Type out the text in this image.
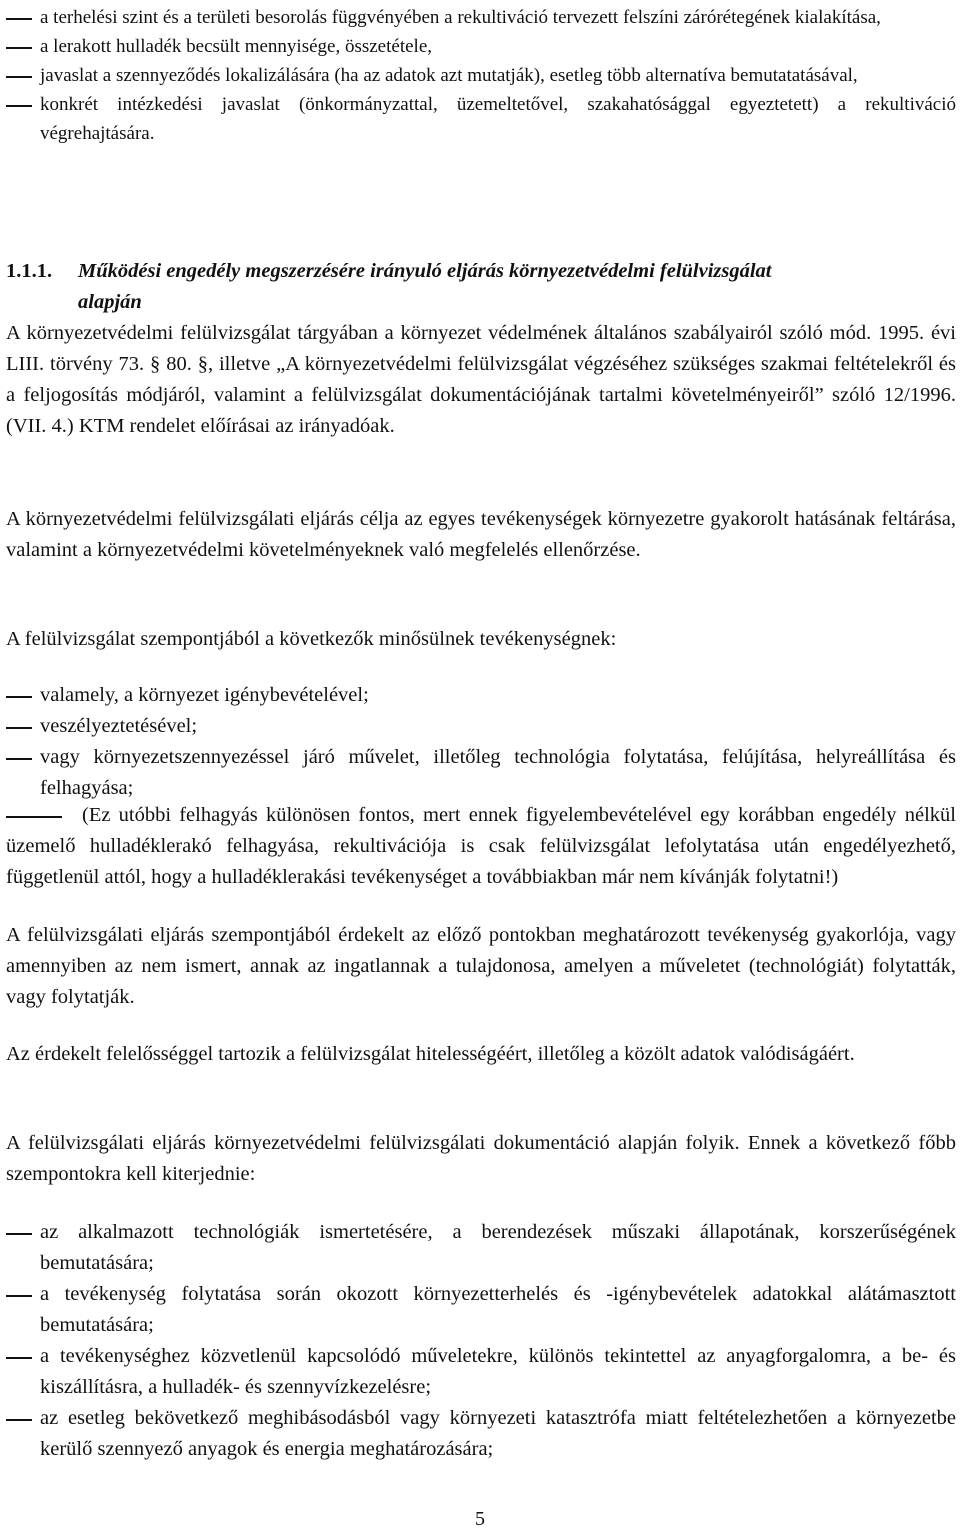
a terhelési szint és a területi besorolás függvényében a rekultiváció tervezett felszíni zárórétegének kialakítása,
a lerakott hulladék becsült mennyisége, összetétele,
javaslat a szennyeződés lokalizálására (ha az adatok azt mutatják), esetleg több alternatíva bemutatatásával,
konkrét intézkedési javaslat (önkormányzattal, üzemeltetővel, szakahatósággal egyeztetett) a rekultiváció végrehajtására.
1.1.1. Működési engedély megszerzésére irányuló eljárás környezetvédelmi felülvizsgálat
alapján

A környezetvédelmi felülvizsgálat tárgyában a környezet védelmének általános szabályairól szóló mód. 1995. évi LIII. törvény 73. § 80. §, illetve „A környezetvédelmi felülvizsgálat végzéséhez szükséges szakmai feltételekről és a feljogosítás módjáról, valamint a felülvizsgálat dokumentációjának tartalmi követelményeiről” szóló 12/1996. (VII. 4.) KTM rendelet előírásai az irányadóak.

A környezetvédelmi felülvizsgálati eljárás célja az egyes tevékenységek környezetre gyakorolt hatásának feltárása, valamint a környezetvédelmi követelményeknek való megfelelés ellenőrzése.

A felülvizsgálat szempontjából a következők minősülnek tevékenységnek:

valamely, a környezet igénybevételével;
veszélyeztetésével;
vagy környezetszennyezéssel járó művelet, illetőleg technológia folytatása, felújítása, helyreállítása és felhagyása;
(Ez utóbbi felhagyás különösen fontos, mert ennek figyelembevételével egy korábban engedély nélkül üzemelő hulladéklerakó felhagyása, rekultivációja is csak felülvizsgálat lefolytatása után engedélyezhető, függetlenül attól, hogy a hulladéklerakási tevékenységet a továbbiakban már nem kívánják folytatni!)

A felülvizsgálati eljárás szempontjából érdekelt az előző pontokban meghatározott tevékenység gyakorlója, vagy amennyiben az nem ismert, annak az ingatlannak a tulajdonosa, amelyen a műveletet (technológiát) folytatták, vagy folytatják.

Az érdekelt felelősséggel tartozik a felülvizsgálat hitelességéért, illetőleg a közölt adatok valódiságáért.

A felülvizsgálati eljárás környezetvédelmi felülvizsgálati dokumentáció alapján folyik. Ennek a következő főbb szempontokra kell kiterjednie:

az alkalmazott technológiák ismertetésére, a berendezések műszaki állapotának, korszerűségének bemutatására;
a tevékenység folytatása során okozott környezetterhelés és -igénybevételek adatokkal alátámasztott bemutatására;
a tevékenységhez közvetlenül kapcsolódó műveletekre, különös tekintettel az anyagforgalomra, a be- és kiszállításra, a hulladék- és szennyvízkezelésre;
az esetleg bekövetkező meghibásodásból vagy környezeti katasztrófa miatt feltételezhetően a környezetbe kerülő szennyező anyagok és energia meghatározására;
5
